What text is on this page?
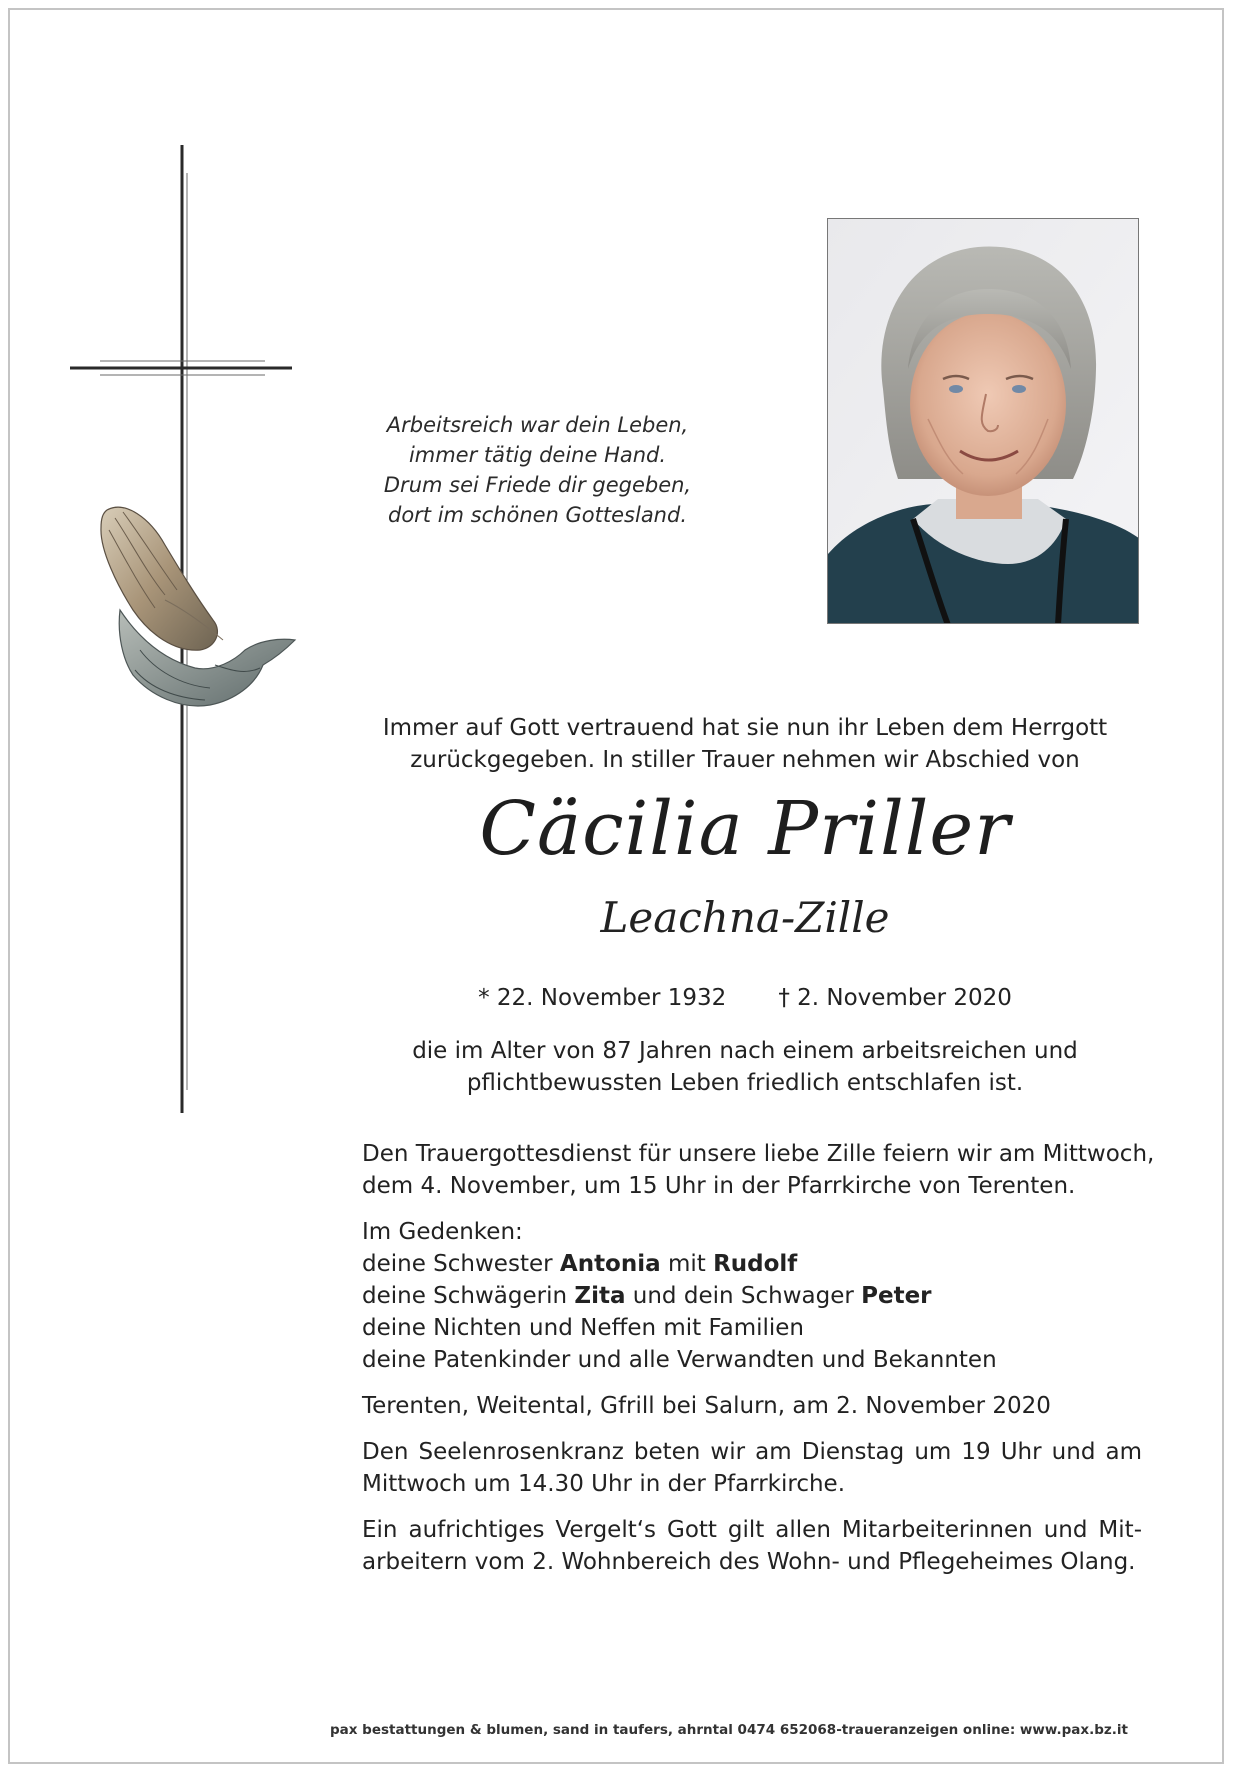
Arbeitsreich war dein Leben,
immer tätig deine Hand.
Drum sei Friede dir gegeben,
dort im schönen Gottesland.
Immer auf Gott vertrauend hat sie nun ihr Leben dem Herrgott
zurückgegeben. In stiller Trauer nehmen wir Abschied von
Cäcilia Priller
Leachna-Zille
* 22. November 1932 † 2. November 2020
die im Alter von 87 Jahren nach einem arbeitsreichen und
pflichtbewussten Leben friedlich entschlafen ist.

Den Trauergottesdienst für unsere liebe Zille feiern wir am Mittwoch,

dem 4. November, um 15 Uhr in der Pfarrkirche von Terenten.

Im Gedenken:

deine Schwester Antonia mit Rudolf

deine Schwägerin Zita und dein Schwager Peter

deine Nichten und Neffen mit Familien

deine Patenkinder und alle Verwandten und Bekannten

Terenten, Weitental, Gfrill bei Salurn, am 2. November 2020

Den Seelenrosenkranz beten wir am Dienstag um 19 Uhr und am

Mittwoch um 14.30 Uhr in der Pfarrkirche.

Ein aufrichtiges Vergelt‘s Gott gilt allen Mitarbeiterinnen und Mit-

arbeitern vom 2. Wohnbereich des Wohn- und Pflegeheimes Olang.

pax bestattungen & blumen, sand in taufers, ahrntal 0474 652068-traueranzeigen online: www.pax.bz.it
